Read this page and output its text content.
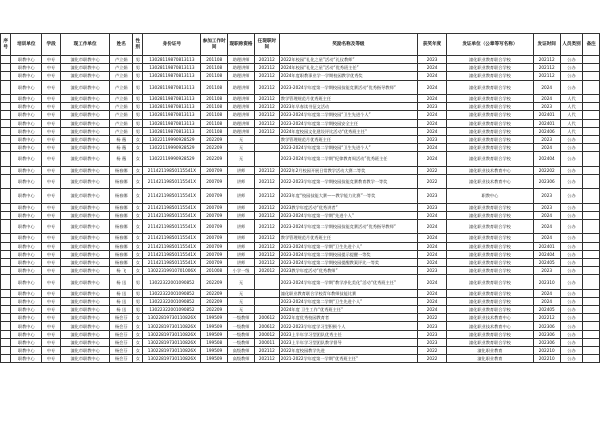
序号	培训单位	学段	现工作单位	姓名	性别	身份证号	参加工作时间	现职称资格	任现职时间	奖励名称及等级	获奖年度	发证单位（公章等写名称）	发证时间	人员类别	备注
	职教中心	中专	潼化市职教中心	卢立娟	男	13028119870813113	201108	助理讲师	202112	2022年校园“礼化之星”活动“礼仪教师”	2023	潼化职业教育联合学校	202112	公办	
	职教中心	中专	潼化市职教中心	卢立娟	男	13028119870813113	201108	助理讲师	202112	2024年校园“礼化之星”活动“优秀班主任”	2024	潼化职业教育联合学校	202112	公办	
	职教中心	中专	潼化市职教中心	卢立娟	男	13028119870813113	201108	助理讲师	202112	2024年度职教事业学一学期校园教学优秀奖	2024	潼化职业教育联合学校	202112	公办	
	职教中心	中专	潼化市职教中心	卢立娟	男	13028119870813113	201108	助理讲师	202112	2023-2024学年度第一学期校园技能竞赛活动“优秀指导教师”	2024	潼化职业教育联合学校	2024	公办	
	职教中心	中专	潼化市职教中心	卢立娟	男	13028119870813113	201108	助理讲师	202112	教学管理规范月优秀班主任	2024	潼化职业教育联合学校	2024	人代	
	职教中心	中专	潼化市职教中心	卢立娟	男	13028119870813113	201108	助理讲师	202112	2023年早春读书征文活动	2023	潼化职业教育联合学校	2023	人代	
	职教中心	中专	潼化市职教中心	卢立娟	男	13028119870813113	201108	助理讲师	202112	2023-2024学年度第二学期校园“卫生先进个人”	2024	潼化职业教育联合学校	202401	人代	
	职教中心	中专	潼化市职教中心	卢立娟	男	13028119870813113	201108	助理讲师	202112	2023-2024学年度第二学期校园安全主任	2024	潼化职业教育联合学校	202401	人代	
	职教中心	中专	潼化市职教中心	卢立娟	男	13028119870813113	201108	助理讲师	202112	2024年度校园文化建设评比活动“优秀班主任”	2024	潼化职业教育联合学校	202406	人代	
	职教中心	中专	潼化市职教中心	杨 薇	女	13022119990928529	202209	无		教学管理规范月优秀班主任	2023	潼化职业教育联合学校	2023	公办	
	职教中心	中专	潼化市职教中心	杨 薇	女	13022119990928529	202209	无		2023-2024学年度第二学期校园“卫生先进个人”	2024	潼化职业教育联合学校	2024	公办	
	职教中心	中专	潼化市职教中心	杨 薇	女	13022119990928529	202209	无		2023-2024学年度第二学期“纪律教育周活动”优秀班主任	2024	潼化职业教育联合学校	202404	公办	
	职教中心	中专	潼化市职教中心	杨春娜	女	21142119850115541X	200709	讲师	202112	2022年2月校园开展日常教学活动大赛二等奖	2022	潼化职业技术教育中心	202202	公办	
	职教中心	中专	潼化市职教中心	杨春娜	女	21142119850115541X	200709	讲师	202112	2022-2023学年度第一学期校园技能竞赛教育教学一等奖	2022	潼化职业技术教育中心	202306	公办	
	职教中心	中专	潼化市职教中心	杨春娜	女	21142119850115541X	200709	讲师	202112	2023年度“校园技能大赛——教学能力比赛”一等奖	2023	职教中心	2023	公办	
	职教中心	中专	潼化市职教中心	杨春娜	女	21142119850115541X	200709	讲师	202112	2023教学年度活动“优秀讲者”	2023	潼化职业教育联合学校	2023	公办	
	职教中心	中专	潼化市职教中心	杨春娜	女	21142119850115541X	200709	讲师	202112	2023-2024学年度第一学期“先进个人”	2024	潼化职业教育联合学校	2024	公办	
	职教中心	中专	潼化市职教中心	杨春娜	女	21142119850115541X	200709	讲师	202112	2023-2024学年度第二学期校园技能竞赛活动“优秀指导教师”	2024	潼化职业教育联合学校	2024	公办	
	职教中心	中专	潼化市职教中心	杨春娜	女	21142119850115541X	200709	讲师	202112	教学管理规范月优秀班主任	2024	潼化职业教育联合学校	2024	公办	
	职教中心	中专	潼化市职教中心	杨春娜	女	21142119850115541X	200709	讲师	202112	2023-2024学年度第一学期“卫生先进个人”	2024	潼化职业教育联合学校	202401	公办	
	职教中心	中专	潼化市职教中心	杨春娜	女	21142119850115541X	200709	讲师	202112	2023-2024学年度第二学期校园提示提醒一等奖	2024	潼化职业教育联合学校	202404	公办	
	职教中心	中专	潼化市职教中心	杨春娜	女	21142119850115541X	200709	讲师	202112	2023-2024学年度第二学期校园提醒教案评比一等奖	2024	潼化职业教育联合学校	202405	公办	
	职教中心	中专	潼化市职教中心	杨 飞	女	13022319910701006X	201008	小学一级	202012	2023教学年度活动“优秀教师”	2023	潼化职业教育联合学校	2023	公办	
	职教中心	中专	潼化市职教中心	杨 迅	男	13022322001090852	202209	无		2023-2024学年度第一学期“教学净化美化”活动“优秀班主任”	2024	潼化职业教育联合学校	202310	公办	
	职教中心	中专	潼化市职教中心	杨 迅	男	13022322001090852	202209	无		潼化职业教育联合学校青年教师技能比赛	2024	潼化职业教育联合学校	2024	公办	
	职教中心	中专	潼化市职教中心	杨 迅	男	13022322001090852	202209	无		2023-2024学年度第二学期“卫生先进个人”	2024	潼化职业教育联合学校	2024	公办	
	职教中心	中专	潼化市职教中心	杨 迅	男	13022322001090852	202209	无		2024年度 卫生工作“优秀班主任”	2024	潼化职业教育联合学校	202405	公办	
	职教中心	中专	潼化市职教中心	杨会芬	女	13022819730110826X	199509	一级教师	200612	2022年度优秀校园教育者	2022	潼化职业技术教育中心	202212	公办	
	职教中心	中专	潼化市职教中心	杨会芬	女	13022819730110826X	199509	一级教师	200612	2022-2023学年度学习型积极个人	2023	潼化职业技术教育中心	202306	公办	
	职教中心	中专	潼化市职教中心	杨会芬	女	13022819730110826X	199509	一级教师	200012	2023上半年学习型团队优秀主任	2023	潼化职业教育联合学校	202306	公办	
	职教中心	中专	潼化市职教中心	杨会芬	女	13022819730110826X	199508	一级教师	200011	2023上半年学习型团队教学督导	2023	潼化职业教育联合学校	202306	公办	
	职教中心	中专	潼化市职教中心	杨会芬	女	13022819730110826X	199509	高级教师	202112	2022年度校园教学先进	2022	潼化职业教育	202210	公办	
	职教中心	中专	潼化市职教中心	杨会芬	女	13022819730110826X	199509	高级教师	202112	2021-2022学年度第一学期“优秀班主任”	2022	潼化职业教育	202210	公办	
